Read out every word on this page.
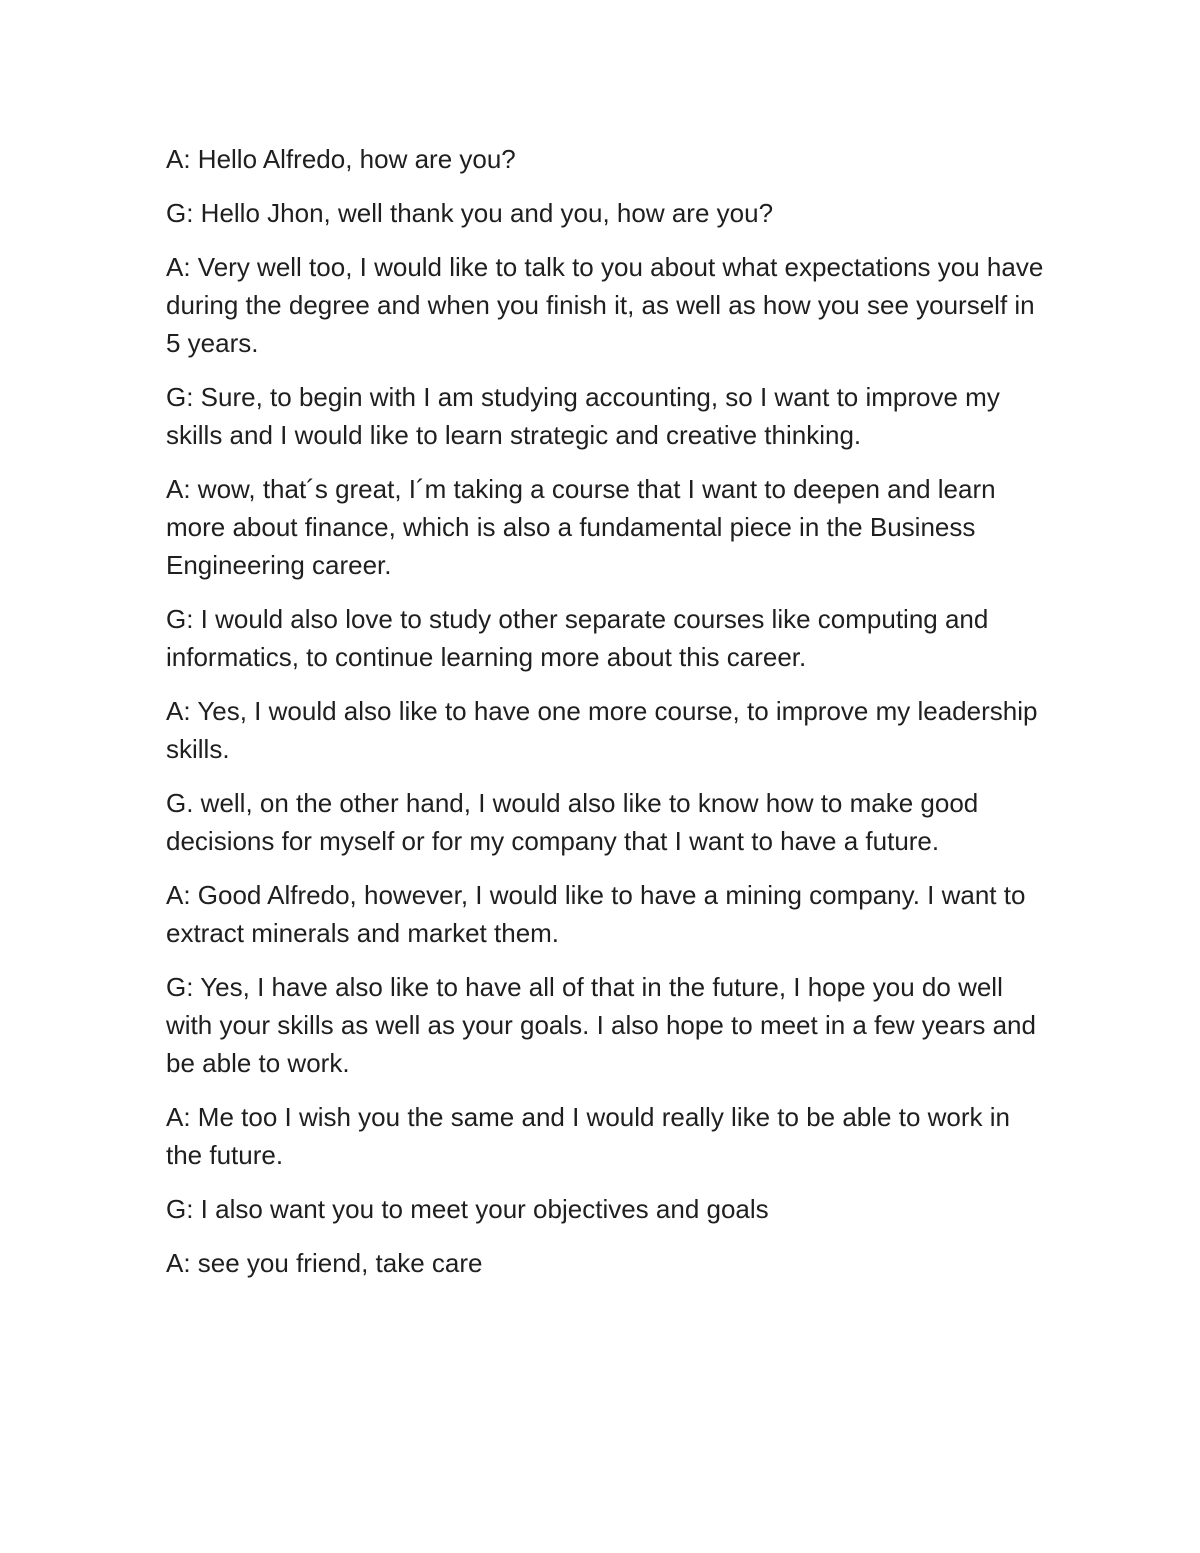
A: Hello Alfredo, how are you?

G: Hello Jhon, well thank you and you, how are you?

A: Very well too, I would like to talk to you about what expectations you have during the degree and when you finish it, as well as how you see yourself in 5 years.

G: Sure, to begin with I am studying accounting, so I want to improve my skills and I would like to learn strategic and creative thinking.

A: wow, that´s great, I´m taking a course that I want to deepen and learn more about finance, which is also a fundamental piece in the Business Engineering career.

G: I would also love to study other separate courses like computing and informatics, to continue learning more about this career.

A: Yes, I would also like to have one more course, to improve my leadership skills.

G. well, on the other hand, I would also like to know how to make good decisions for myself or for my company that I want to have a future.

A: Good Alfredo, however, I would like to have a mining company. I want to extract minerals and market them.

G: Yes, I have also like to have all of that in the future, I hope you do well with your skills as well as your goals. I also hope to meet in a few years and be able to work.

A: Me too I wish you the same and I would really like to be able to work in the future.

G: I also want you to meet your objectives and goals

A: see you friend, take care
